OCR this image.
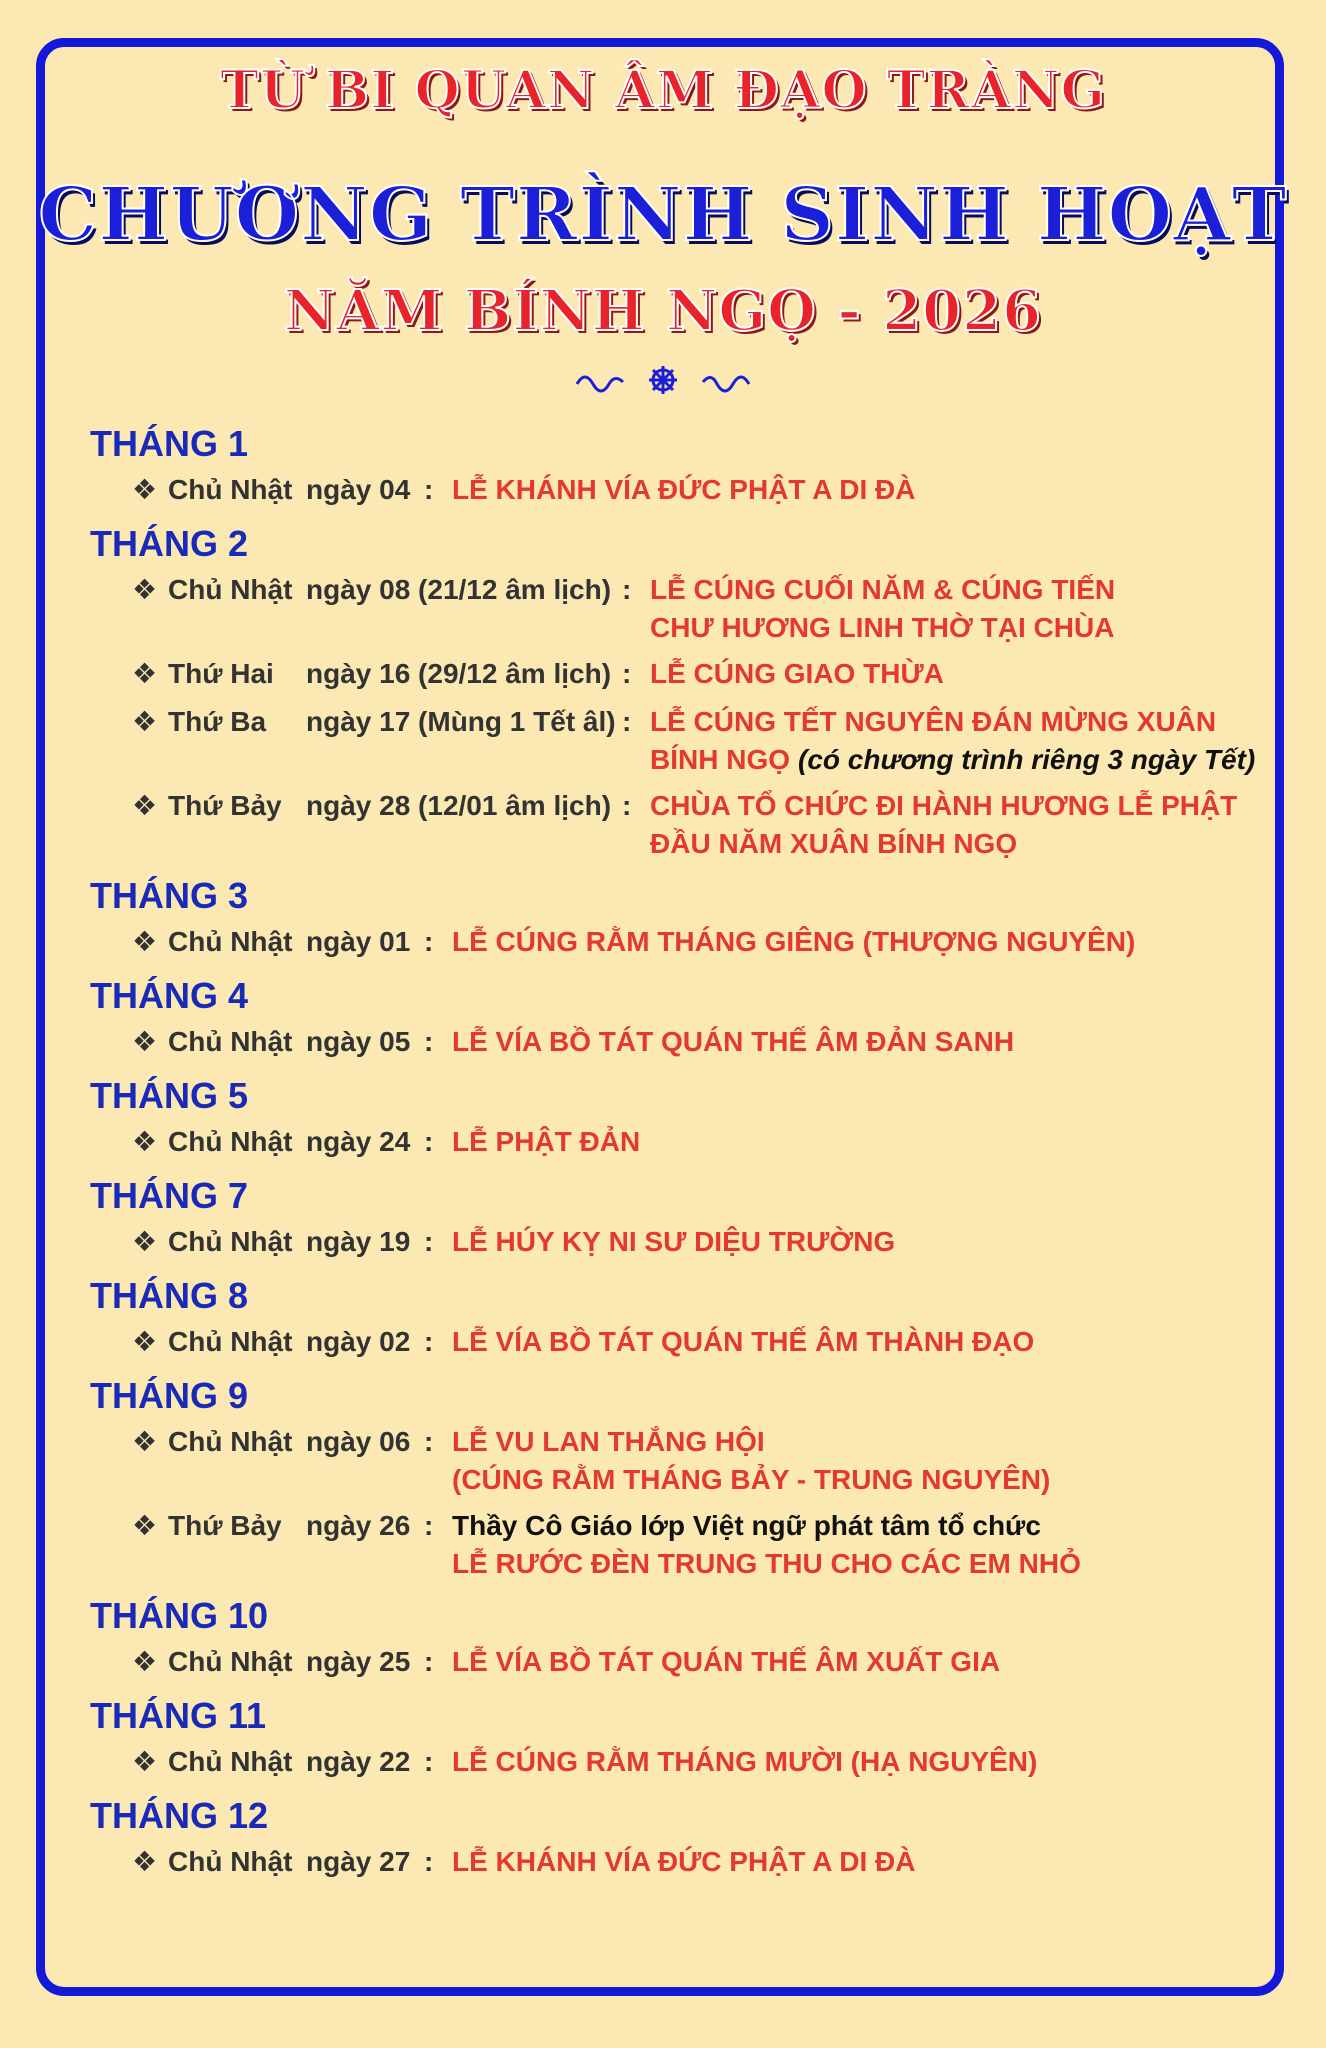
TỪ BI QUAN ÂM ĐẠO TRÀNG
CHƯƠNG TRÌNH SINH HOẠT
NĂM BÍNH NGỌ - 2026
THÁNG 1
❖ Chủ Nhật ngày 04 : LỄ KHÁNH VÍA ĐỨC PHẬT A DI ĐÀ
THÁNG 2
❖ Chủ Nhật ngày 08 (21/12 âm lịch) : LỄ CÚNG CUỐI NĂM & CÚNG TIẾN
CHƯ HƯƠNG LINH THỜ TẠI CHÙA
❖ Thứ Hai ngày 16 (29/12 âm lịch) : LỄ CÚNG GIAO THỪA
❖ Thứ Ba ngày 17 (Mùng 1 Tết âl) : LỄ CÚNG TẾT NGUYÊN ĐÁN MỪNG XUÂN
BÍNH NGỌ (có chương trình riêng 3 ngày Tết)
❖ Thứ Bảy ngày 28 (12/01 âm lịch) : CHÙA TỔ CHỨC ĐI HÀNH HƯƠNG LỄ PHẬT
ĐẦU NĂM XUÂN BÍNH NGỌ
THÁNG 3
❖ Chủ Nhật ngày 01 : LỄ CÚNG RẰM THÁNG GIÊNG (THƯỢNG NGUYÊN)
THÁNG 4
❖ Chủ Nhật ngày 05 : LỄ VÍA BỒ TÁT QUÁN THẾ ÂM ĐẢN SANH
THÁNG 5
❖ Chủ Nhật ngày 24 : LỄ PHẬT ĐẢN
THÁNG 7
❖ Chủ Nhật ngày 19 : LỄ HÚY KỴ NI SƯ DIỆU TRƯỜNG
THÁNG 8
❖ Chủ Nhật ngày 02 : LỄ VÍA BỒ TÁT QUÁN THẾ ÂM THÀNH ĐẠO
THÁNG 9
❖ Chủ Nhật ngày 06 : LỄ VU LAN THẮNG HỘI
(CÚNG RẰM THÁNG BẢY - TRUNG NGUYÊN)
❖ Thứ Bảy ngày 26 : Thầy Cô Giáo lớp Việt ngữ phát tâm tổ chức
LỄ RƯỚC ĐÈN TRUNG THU CHO CÁC EM NHỎ
THÁNG 10
❖ Chủ Nhật ngày 25 : LỄ VÍA BỒ TÁT QUÁN THẾ ÂM XUẤT GIA
THÁNG 11
❖ Chủ Nhật ngày 22 : LỄ CÚNG RẰM THÁNG MƯỜI (HẠ NGUYÊN)
THÁNG 12
❖ Chủ Nhật ngày 27 : LỄ KHÁNH VÍA ĐỨC PHẬT A DI ĐÀ
